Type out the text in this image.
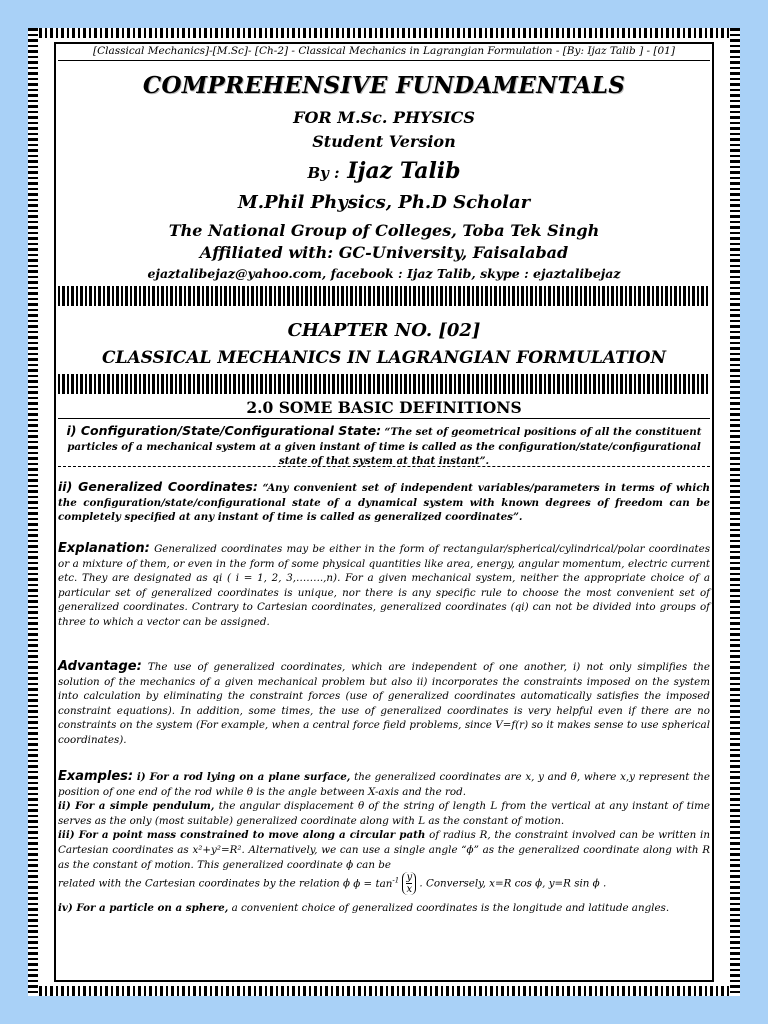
[Classical Mechanics]-[M.Sc]- [Ch-2] - Classical Mechanics in Lagrangian Formulation - [By: Ijaz Talib ] - [01]
COMPREHENSIVE FUNDAMENTALS
FOR M.Sc. PHYSICS
Student Version
By : Ijaz Talib
M.Phil Physics, Ph.D Scholar
The National Group of Colleges, Toba Tek Singh
Affiliated with: GC-University, Faisalabad
ejaztalibejaz@yahoo.com, facebook : Ijaz Talib, skype : ejaztalibejaz
CHAPTER NO. [02]
CLASSICAL MECHANICS IN LAGRANGIAN FORMULATION
2.0 SOME BASIC DEFINITIONS
i) Configuration/State/Configurational State: “The set of geometrical positions of all the constituent particles of a mechanical system at a given instant of time is called as the configuration/state/configurational state of that system at that instant”.
ii) Generalized Coordinates: “Any convenient set of independent variables/parameters in terms of which the configuration/state/configurational state of a dynamical system with known degrees of freedom can be completely specified at any instant of time is called as generalized coordinates”.
Explanation: Generalized coordinates may be either in the form of rectangular/spherical/cylindrical/polar coordinates or a mixture of them, or even in the form of some physical quantities like area, energy, angular momentum, electric current etc. They are designated as qi ( i = 1, 2, 3,……..,n). For a given mechanical system, neither the appropriate choice of a particular set of generalized coordinates is unique, nor there is any specific rule to choose the most convenient set of generalized coordinates. Contrary to Cartesian coordinates, generalized coordinates (qi) can not be divided into groups of three to which a vector can be assigned.
Advantage: The use of generalized coordinates, which are independent of one another, i) not only simplifies the solution of the mechanics of a given mechanical problem but also ii) incorporates the constraints imposed on the system into calculation by eliminating the constraint forces (use of generalized coordinates automatically satisfies the imposed constraint equations). In addition, some times, the use of generalized coordinates is very helpful even if there are no constraints on the system (For example, when a central force field problems, since V=f(r) so it makes sense to use spherical coordinates).
Examples: i) For a rod lying on a plane surface, the generalized coordinates are x, y and θ, where x,y represent the position of one end of the rod while θ is the angle between X-axis and the rod.
ii) For a simple pendulum, the angular displacement θ of the string of length L from the vertical at any instant of time serves as the only (most suitable) generalized coordinate along with L as the constant of motion.
iii) For a point mass constrained to move along a circular path of radius R, the constraint involved can be written in Cartesian coordinates as x²+y²=R². Alternatively, we can use a single angle “ϕ” as the generalized coordinate along with R as the constant of motion. This generalized coordinate ϕ can be
related with the Cartesian coordinates by the relation ϕ $\phi = \tan^{-1} \frac{y}{x}$ . Conversely, x=R cos ϕ, y=R sin ϕ .

iv) For a particle on a sphere, a convenient choice of generalized coordinates is the longitude and latitude angles.
